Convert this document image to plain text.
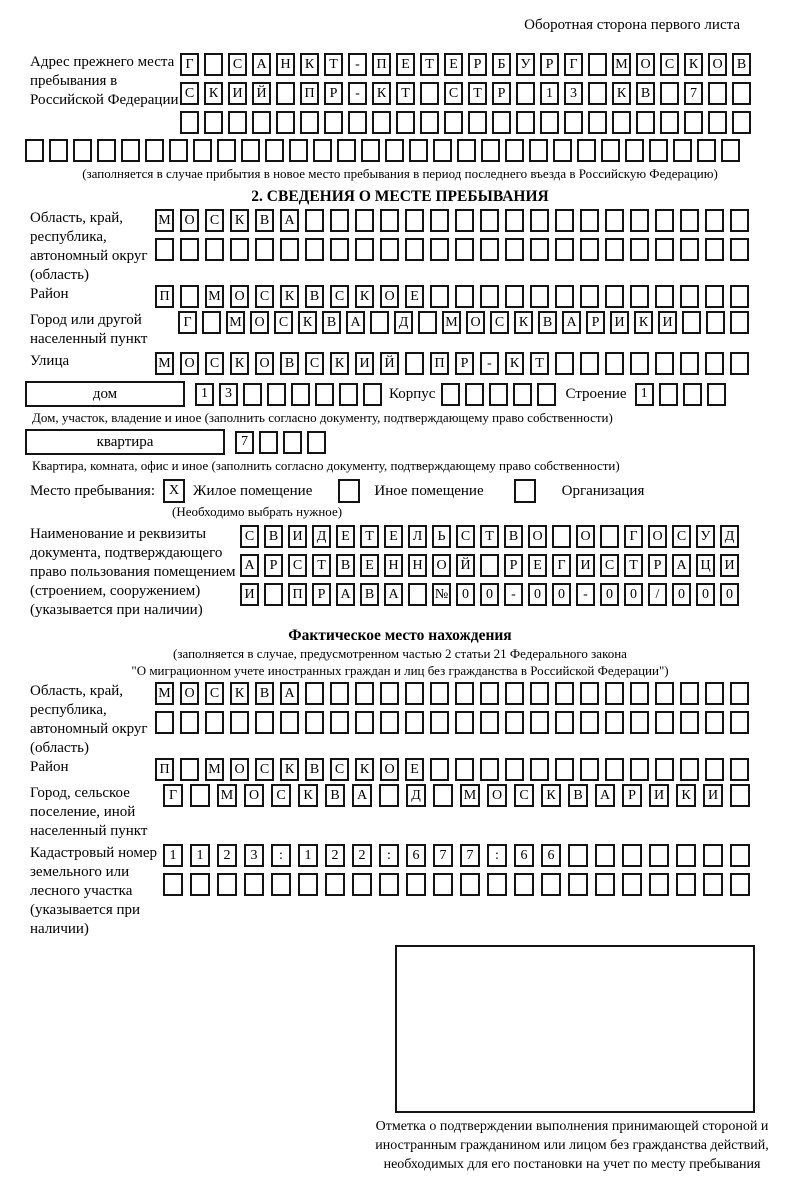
Оборотная сторона первого листа
Адрес прежнего места пребывания в Российской Федерации
Г	С	А Н	К	Т	-	П	Е	Т	Е	Р	Б	У	Р	Г	М О	С	К	О	В
С	К	И Й	П	Р	-	К	Т	С	Т	Р	1	3	К	В	7
(заполняется в случае прибытия в новое место пребывания в период последнего въезда в Российскую Федерацию)
2. СВЕДЕНИЯ О МЕСТЕ ПРЕБЫВАНИЯ
Область, край, республика, автономный округ (область)
М О	С	К	В	А
Район	П	М О	С	К	В	С	К	О	Е
Город или другой населенный пункт
Г	М О	С	К	В	А	Д	М О	С	К	В	А	Р	И	К	И
Улица	М О	С	К	О	В	С	К	И	Й	П	Р	-	К	Т
дом	1	3	Корпус	Строение	1
Дом, участок, владение и иное (заполнить согласно документу, подтверждающему право собственности)
квартира	7
Квартира, комната, офис и иное (заполнить согласно документу, подтверждающему право собственности)
Место пребывания: X Жилое помещение	Иное помещение	Организация
(Необходимо выбрать нужное)
Наименование и реквизиты документа, подтверждающего право пользования помещением (строением, сооружением) (указывается при наличии)
С	В	И	Д	Е	Т	Е	Л	Ь	С	Т	В	О	О	Г	О	С	У	Д
А	Р	С	Т	В	Е	Н Н О Й	Р	Е	Г	И	С	Т	Р	А Ц И
И	П	Р	А	В	А	№ 0	0	-	0	0	-	0	0	/	0	0	0
Фактическое место нахождения
(заполняется в случае, предусмотренном частью 2 статьи 21 Федерального закона
"О миграционном учете иностранных граждан и лиц без гражданства в Российской Федерации")
Область, край, республика, автономный округ (область)
М О	С	К	В	А
Район	П	М О	С	К	В	С	К	О	Е
Город, сельское поселение, иной населенный пункт
Г	М	О	С	К	В	А	Д	М	О	С	К	В	А	Р	И	К	И
Кадастровый номер земельного или лесного участка (указывается при наличии)
1	1	2	3	:	1	2	2	:	6	7	7	:	6	6
Отметка о подтверждении выполнения принимающей стороной и иностранным гражданином или лицом без гражданства действий, необходимых для его постановки на учет по месту пребывания
